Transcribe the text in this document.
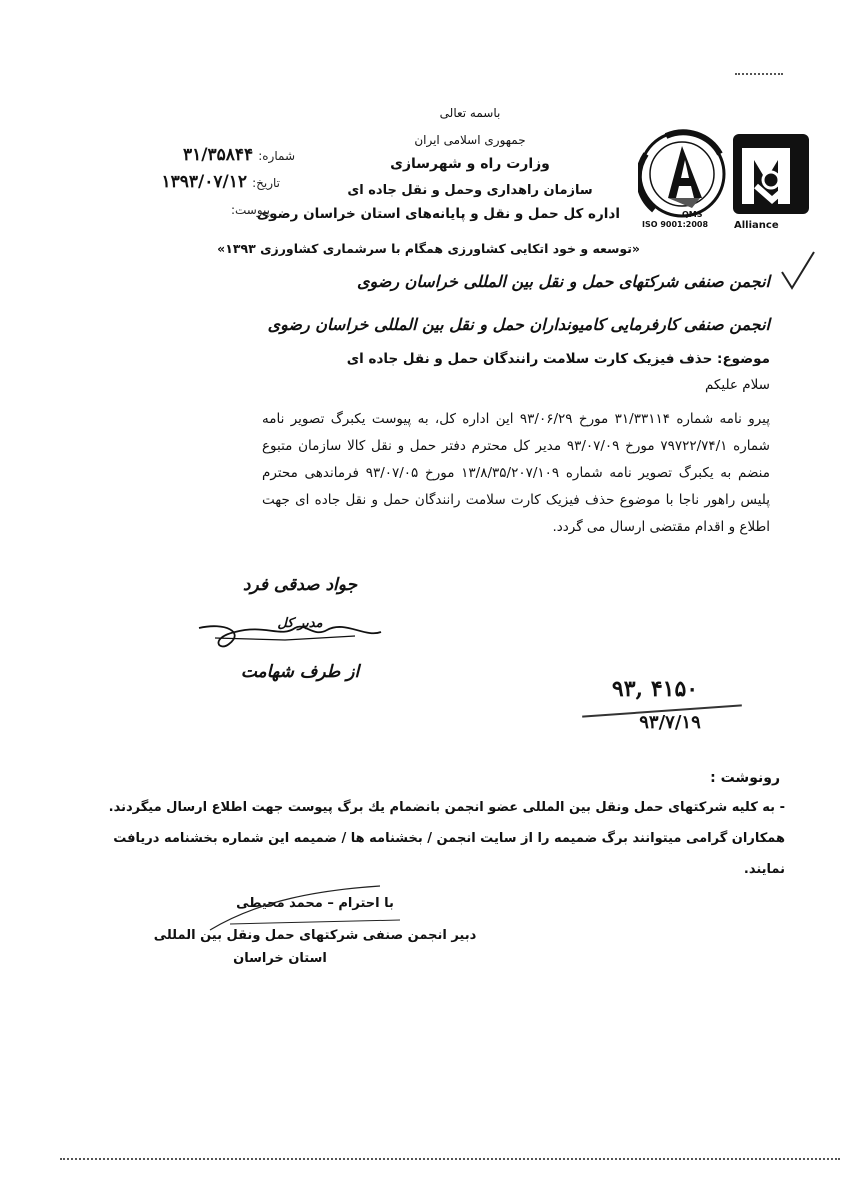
QMS
ISO 9001:2008	Alliance
باسمه تعالی
جمهوری اسلامی ایران
وزارت راه و شهرسازی
سازمان راهداری وحمل و نقل جاده ای
اداره کل حمل و نقل و پایانه‌های استان خراسان رضوی
شماره: ۳۱/۳۵۸۴۴
تاریخ: ۱۳۹۳/۰۷/۱۲
پیوست:
«توسعه و خود اتکایی کشاورزی همگام با سرشماری کشاورزی ۱۳۹۳»
انجمن صنفی شرکتهای حمل و نقل بین المللی خراسان رضوی
انجمن صنفی کارفرمایی کامیونداران حمل و نقل بین المللی خراسان رضوی
موضوع: حذف فیزیک کارت سلامت رانندگان حمل و نقل جاده ای
سلام علیکم
پیرو نامه شماره ۳۱/۳۳۱۱۴ مورخ ۹۳/۰۶/۲۹ این اداره کل، به پیوست یکبرگ تصویر نامه شماره ۷۹۷۲۲/۷۴/۱ مورخ ۹۳/۰۷/۰۹ مدیر کل محترم دفتر حمل و نقل کالا سازمان متبوع منضم به یکبرگ تصویر نامه شماره ۱۳/۸/۳۵/۲۰۷/۱۰۹ مورخ ۹۳/۰۷/۰۵ فرماندهی محترم پلیس راهور ناجا با موضوع حذف فیزیک کارت سلامت رانندگان حمل و نقل جاده ای جهت اطلاع و اقدام مقتضی ارسال می گردد.
جواد صدقی فرد
مدیر کل
از طرف شهامت
۹۳, ۴۱۵۰
۹۳/۷/۱۹
رونوشت :
- به کلیه شرکتهای حمل ونقل بین المللی عضو انجمن بانضمام یك برگ پیوست جهت اطلاع ارسال میگردند.
همکاران گرامی میتوانند برگ ضمیمه را از سایت انجمن / بخشنامه ها / ضمیمه این شماره بخشنامه دریافت
نمایند.
با احترام – محمد محیطی
دبیر انجمن صنفی شرکتهای حمل ونقل بین المللی
استان خراسان
